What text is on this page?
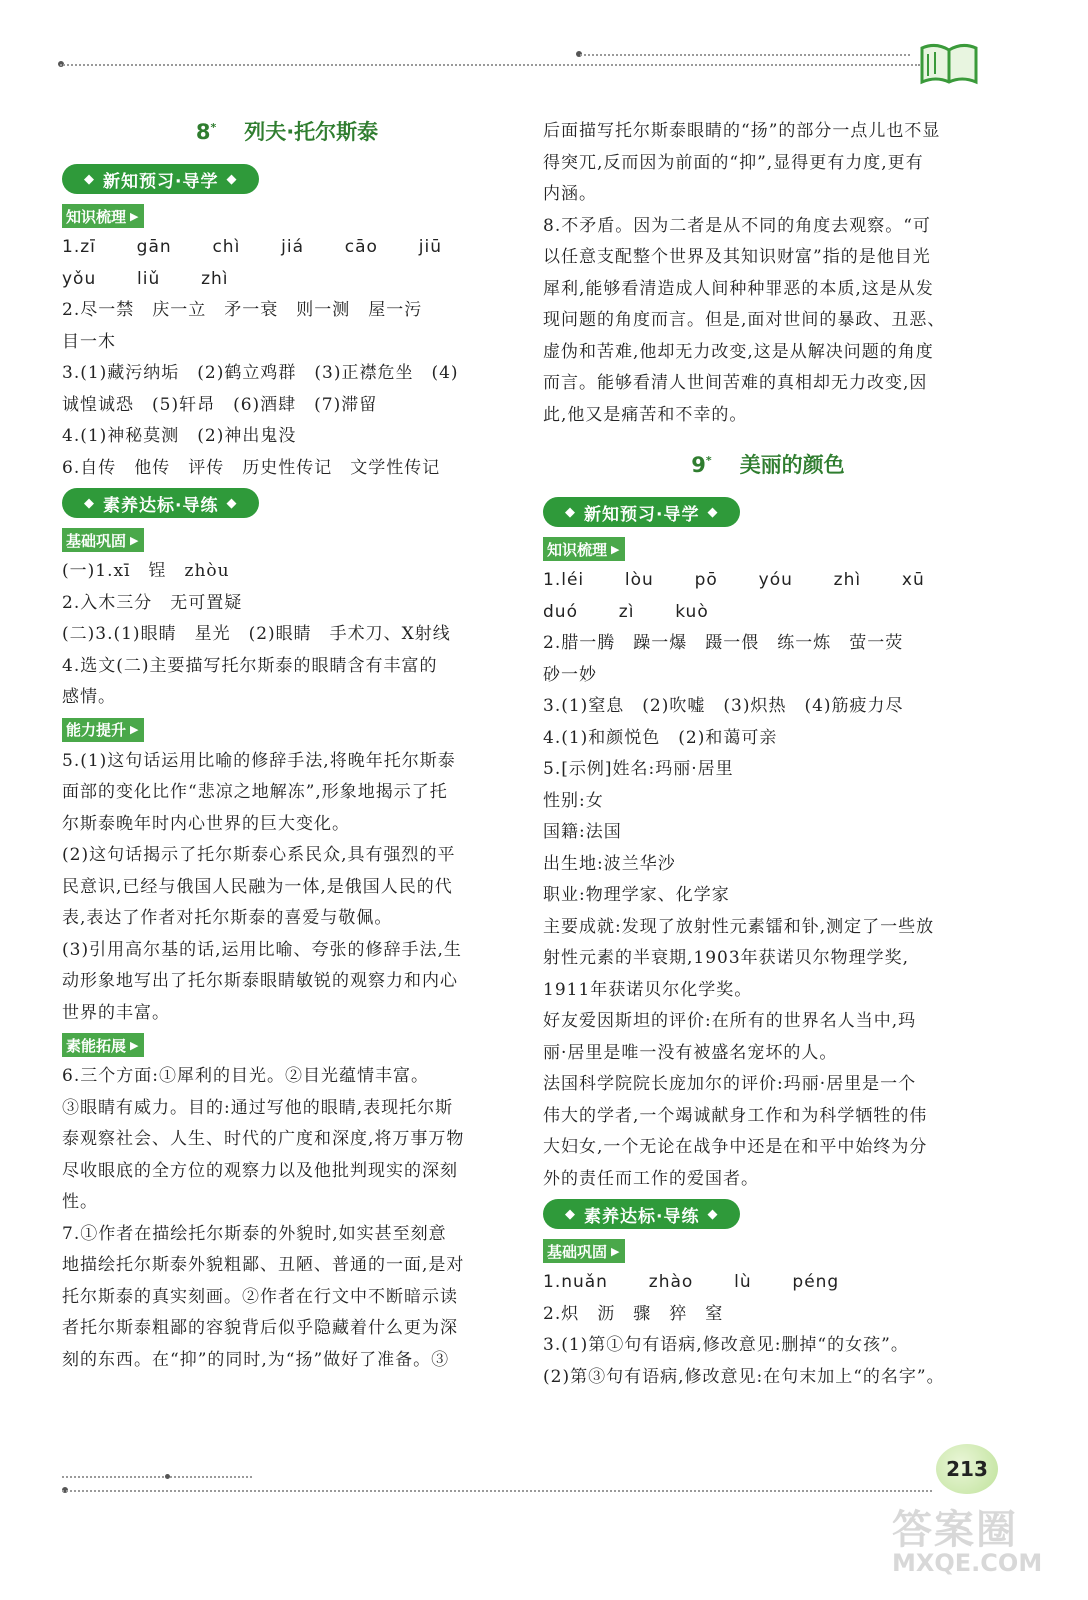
8* 列夫·托尔斯泰
◆ 新知预习·导学 ◆
知识梳理 ▶
1.zī  gān  chì  jiá  cāo  jiū  yǒu  liǔ  zhì
2.尽一禁　庆一立　矛一衰　则一测　屋一污
目一木
3.(1)藏污纳垢　(2)鹤立鸡群　(3)正襟危坐　(4)
诚惶诚恐　(5)轩昂　(6)酒肆　(7)滞留
4.(1)神秘莫测　(2)神出鬼没
6.自传　他传　评传　历史性传记　文学性传记
◆ 素养达标·导练 ◆
基础巩固 ▶
(一)1.xī　锃　zhòu
2.入木三分　无可置疑
(二)3.(1)眼睛　星光　(2)眼睛　手术刀、X射线
4.选文(二)主要描写托尔斯泰的眼睛含有丰富的
感情。
能力提升 ▶
5.(1)这句话运用比喻的修辞手法,将晚年托尔斯泰
面部的变化比作“悲凉之地解冻”,形象地揭示了托
尔斯泰晚年时内心世界的巨大变化。
(2)这句话揭示了托尔斯泰心系民众,具有强烈的平
民意识,已经与俄国人民融为一体,是俄国人民的代
表,表达了作者对托尔斯泰的喜爱与敬佩。
(3)引用高尔基的话,运用比喻、夸张的修辞手法,生
动形象地写出了托尔斯泰眼睛敏锐的观察力和内心
世界的丰富。
素能拓展 ▶
6.三个方面:①犀利的目光。②目光蕴情丰富。
③眼睛有威力。目的:通过写他的眼睛,表现托尔斯
泰观察社会、人生、时代的广度和深度,将万事万物
尽收眼底的全方位的观察力以及他批判现实的深刻
性。
7.①作者在描绘托尔斯泰的外貌时,如实甚至刻意
地描绘托尔斯泰外貌粗鄙、丑陋、普通的一面,是对
托尔斯泰的真实刻画。②作者在行文中不断暗示读
者托尔斯泰粗鄙的容貌背后似乎隐藏着什么更为深
刻的东西。在“抑”的同时,为“扬”做好了准备。③
后面描写托尔斯泰眼睛的“扬”的部分一点儿也不显
得突兀,反而因为前面的“抑”,显得更有力度,更有
内涵。
8.不矛盾。因为二者是从不同的角度去观察。“可
以任意支配整个世界及其知识财富”指的是他目光
犀利,能够看清造成人间种种罪恶的本质,这是从发
现问题的角度而言。但是,面对世间的暴政、丑恶、
虚伪和苦难,他却无力改变,这是从解决问题的角度
而言。能够看清人世间苦难的真相却无力改变,因
此,他又是痛苦和不幸的。
9* 美丽的颜色
◆ 新知预习·导学 ◆
知识梳理 ▶
1.léi  lòu  pō  yóu  zhì  xū  duó  zì  kuò
2.腊一腾　躁一爆　蹑一偎　练一炼　萤一荧
砂一妙
3.(1)窒息　(2)吹嘘　(3)炽热　(4)筋疲力尽
4.(1)和颜悦色　(2)和蔼可亲
5.[示例]姓名:玛丽·居里
性别:女
国籍:法国
出生地:波兰华沙
职业:物理学家、化学家
主要成就:发现了放射性元素镭和钋,测定了一些放
射性元素的半衰期,1903年获诺贝尔物理学奖,
1911年获诺贝尔化学奖。
好友爱因斯坦的评价:在所有的世界名人当中,玛
丽·居里是唯一没有被盛名宠坏的人。
法国科学院院长庞加尔的评价:玛丽·居里是一个
伟大的学者,一个竭诚献身工作和为科学牺牲的伟
大妇女,一个无论在战争中还是在和平中始终为分
外的责任而工作的爱国者。
◆ 素养达标·导练 ◆
基础巩固 ▶
1.nuǎn  zhào  lù  péng
2.炽　沥　骤　猝　窒
3.(1)第①句有语病,修改意见:删掉“的女孩”。
(2)第③句有语病,修改意见:在句末加上“的名字”。
213
答案圈
MXQE.COM
